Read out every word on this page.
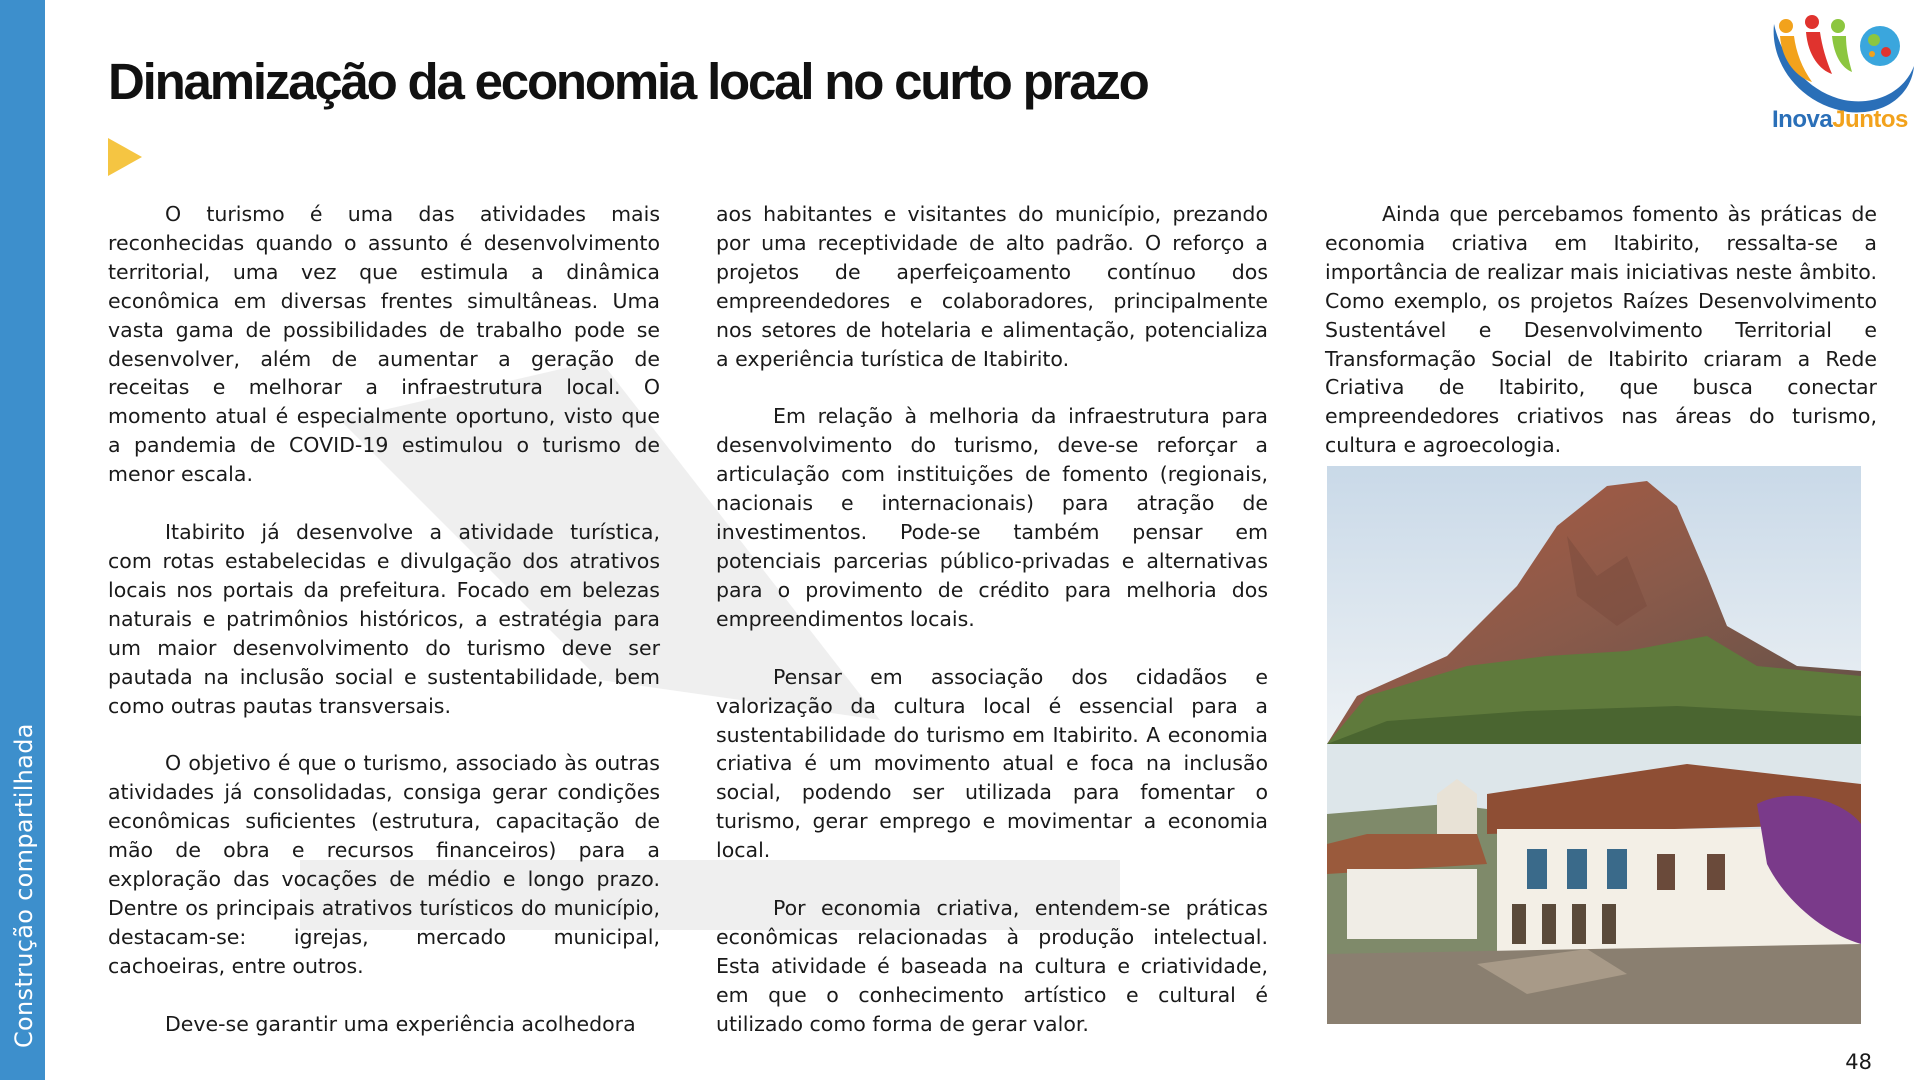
Construção compartilhada
Dinamização da economia local no curto prazo
InovaJuntos

O turismo é uma das atividades mais reconhecidas quando o assunto é desenvolvimento territorial, uma vez que estimula a dinâmica econômica em diversas frentes simultâneas. Uma vasta gama de possibilidades de trabalho pode se desenvolver, além de aumentar a geração de receitas e melhorar a infraestrutura local. O momento atual é especialmente oportuno, visto que a pandemia de COVID-19 estimulou o turismo de menor escala.

Itabirito já desenvolve a atividade turística, com rotas estabelecidas e divulgação dos atrativos locais nos portais da prefeitura. Focado em belezas naturais e patrimônios históricos, a estratégia para um maior desenvolvimento do turismo deve ser pautada na inclusão social e sustentabilidade, bem como outras pautas transversais.

O objetivo é que o turismo, associado às outras atividades já consolidadas, consiga gerar condições econômicas suficientes (estrutura, capacitação de mão de obra e recursos financeiros) para a exploração das vocações de médio e longo prazo. Dentre os principais atrativos turísticos do município, destacam-se: igrejas, mercado municipal, cachoeiras, entre outros.

Deve-se garantir uma experiência acolhedora

aos habitantes e visitantes do município, prezando por uma receptividade de alto padrão. O reforço a projetos de aperfeiçoamento contínuo dos empreendedores e colaboradores, principalmente nos setores de hotelaria e alimentação, potencializa a experiência turística de Itabirito.

Em relação à melhoria da infraestrutura para desenvolvimento do turismo, deve-se reforçar a articulação com instituições de fomento (regionais, nacionais e internacionais) para atração de investimentos. Pode-se também pensar em potenciais parcerias público-privadas e alternativas para o provimento de crédito para melhoria dos empreendimentos locais.

Pensar em associação dos cidadãos e valorização da cultura local é essencial para a sustentabilidade do turismo em Itabirito. A economia criativa é um movimento atual e foca na inclusão social, podendo ser utilizada para fomentar o turismo, gerar emprego e movimentar a economia local.

Por economia criativa, entendem-se práticas econômicas relacionadas à produção intelectual. Esta atividade é baseada na cultura e criatividade, em que o conhecimento artístico e cultural é utilizado como forma de gerar valor.

Ainda que percebamos fomento às práticas de economia criativa em Itabirito, ressalta-se a importância de realizar mais iniciativas neste âmbito. Como exemplo, os projetos Raízes Desenvolvimento Sustentável e Desenvolvimento Territorial e Transformação Social de Itabirito criaram a Rede Criativa de Itabirito, que busca conectar empreendedores criativos nas áreas do turismo, cultura e agroecologia.

48
